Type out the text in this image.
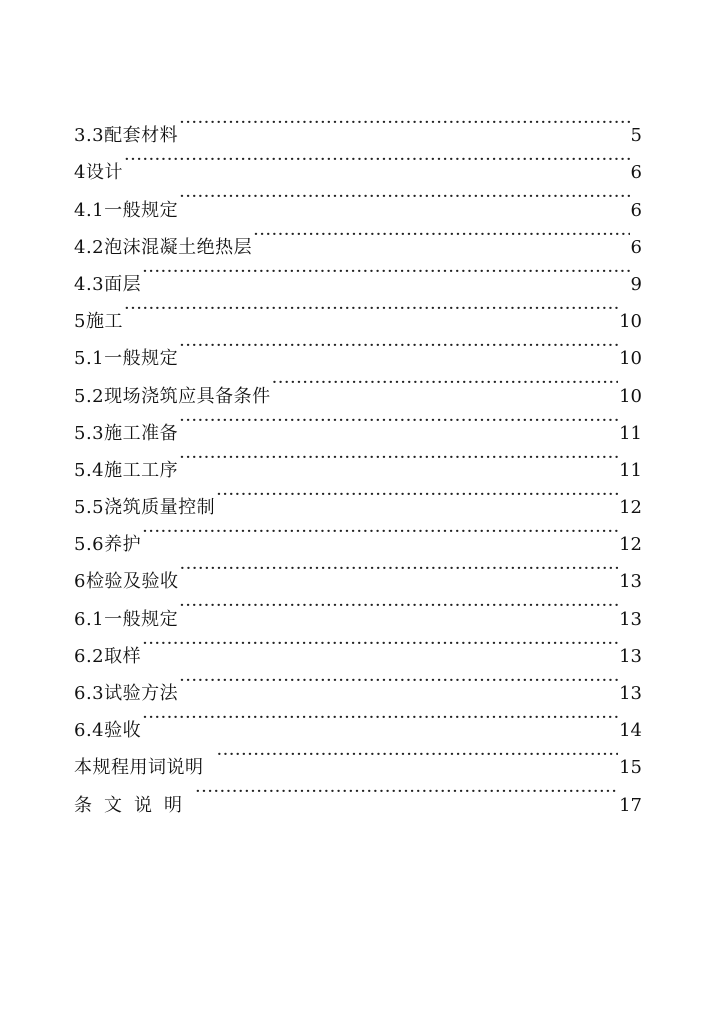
3.3配套材料 ·····	5
4设计 ·····	6
4.1一般规定 ·····	6
4.2泡沫混凝土绝热层 ·····	6
4.3面层 ·····	9
5施工 ·····	10
5.1一般规定 ·····	10
5.2现场浇筑应具备条件 ·····	10
5.3施工准备 ·····	11
5.4施工工序 ·····	11
5.5浇筑质量控制 ·····	12
5.6养护 ·····	12
6检验及验收 ·····	13
6.1一般规定 ·····	13
6.2取样 ·····	13
6.3试验方法 ·····	13
6.4验收 ·····	14
本规程用词说明 ·····	15
条文说明 ·····	17
